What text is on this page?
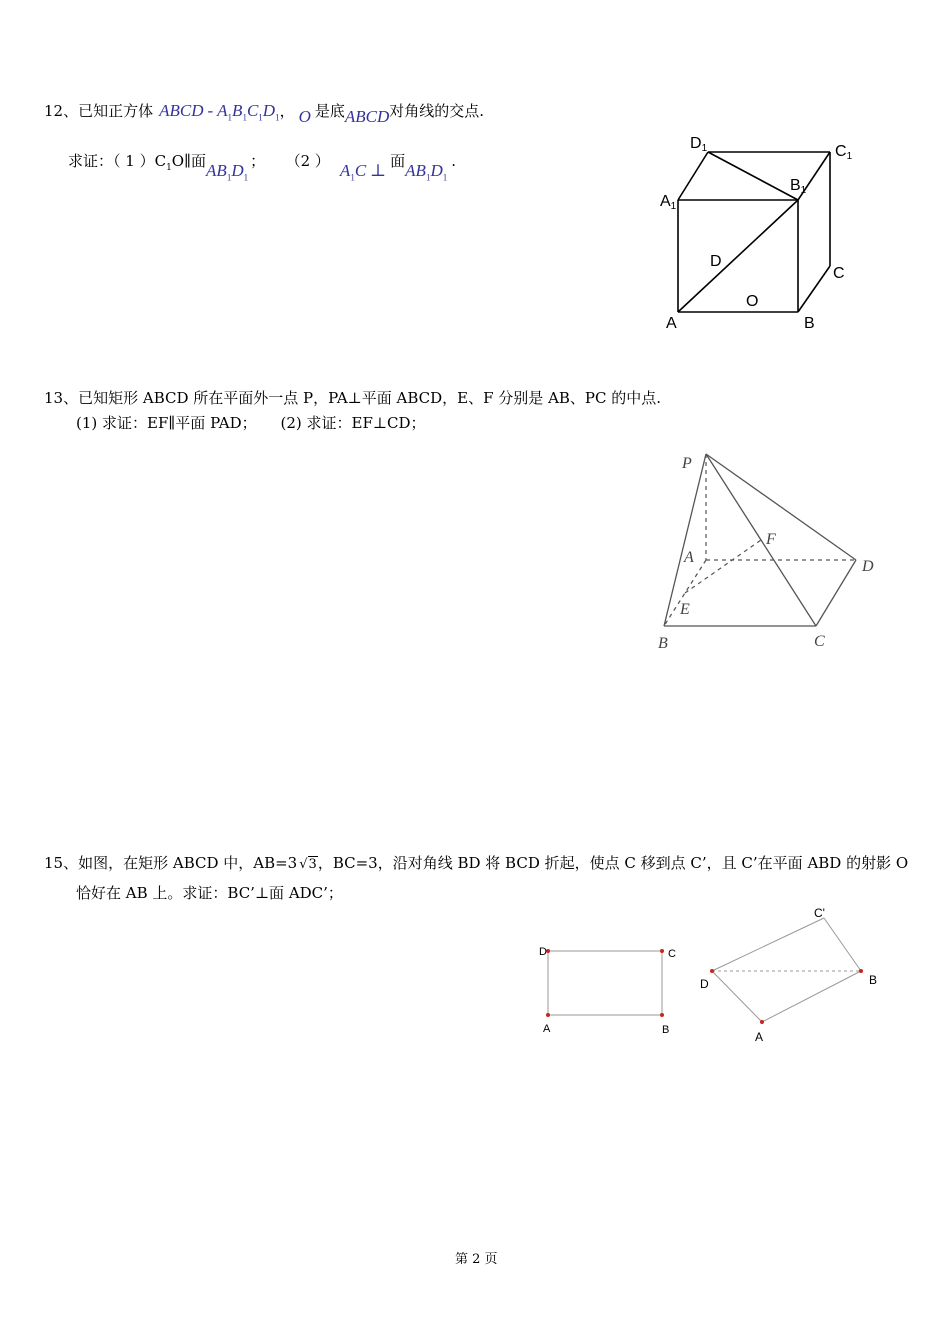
12、已知正方体 ABCD - $A_1B_1C_1D_1$， O 是底ABCD对角线的交点.
求证：（ 1 ）$C_1O\parallel$面$AB_1D_1$； （2 ） $A_1C$ ⊥ 面$AB_1D_1$.
D1	C1
B1
A1
D
C
O
A	B
13、已知矩形 ABCD 所在平面外一点 P，PA⊥平面 ABCD，E、F 分别是 AB、PC 的中点.
(1) 求证：EF∥平面 PAD；     (2) 求证：EF⊥CD；
P
A
F
D
E
B	C
15、如图，在矩形 ABCD 中，AB=3 √3，BC=3，沿对角线 BD 将 BCD 折起，使点 C 移到点 C’，且 C’在平面 ABD 的射影 O
恰好在 AB 上。求证：BC’⊥面 ADC’；
D	C
A	B
C'
D	B
A
第 2 页
